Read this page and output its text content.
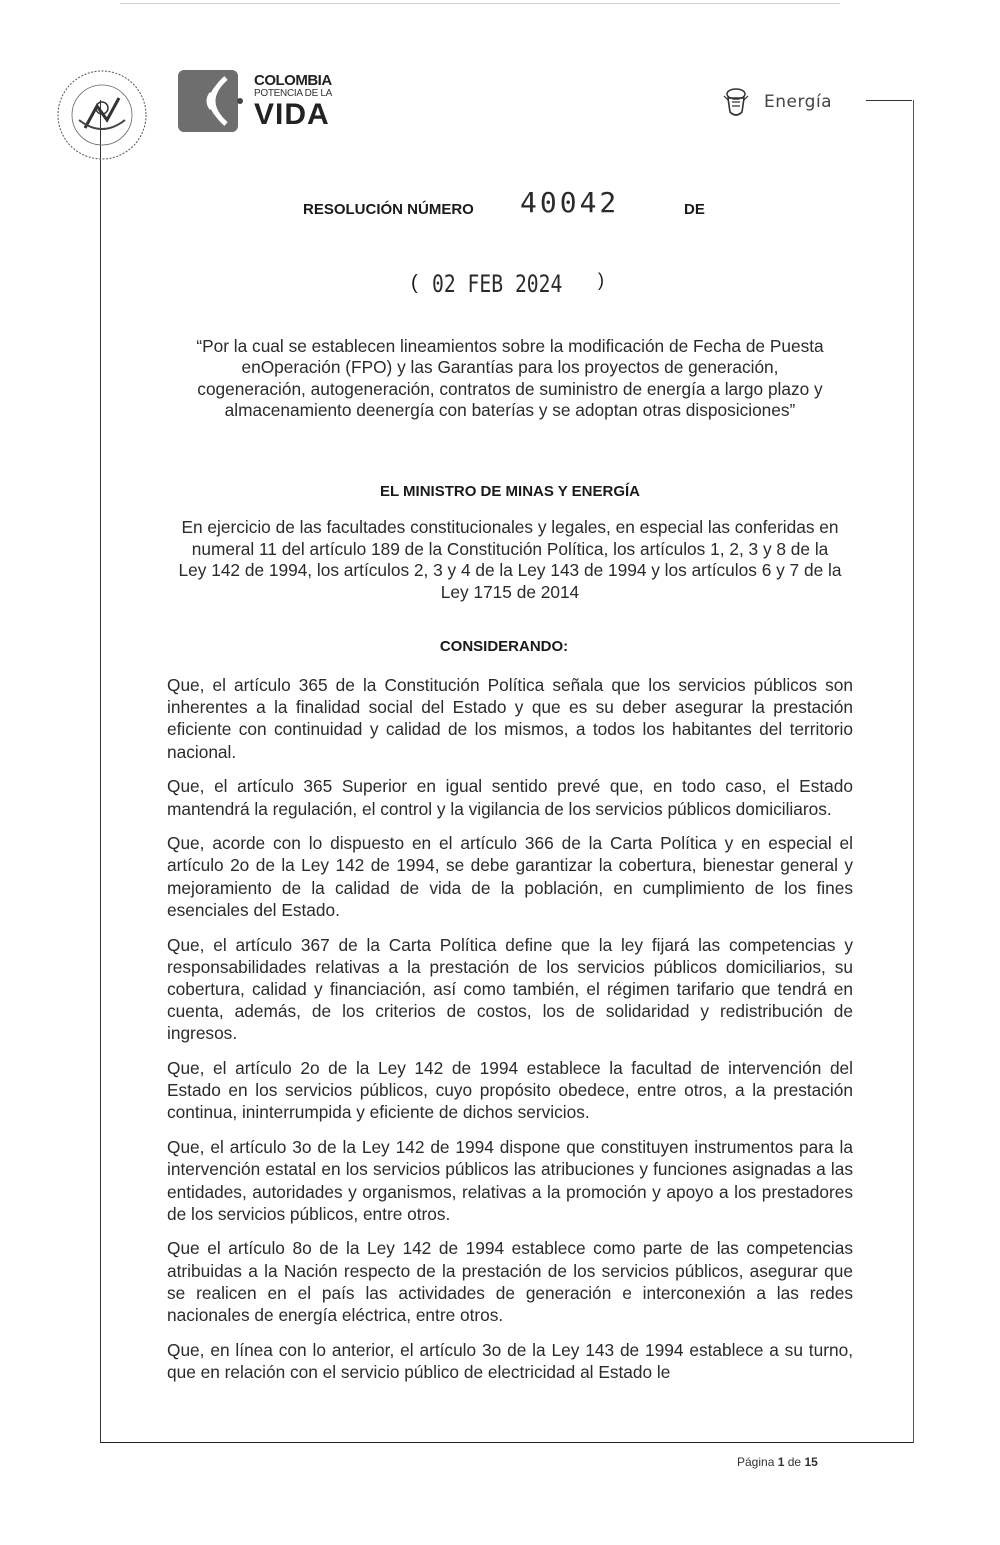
COLOMBIA
POTENCIA DE LA
VIDA	Energía
RESOLUCIÓN NÚMERO 40042	DE
( 02 FEB 2024 )
“Por la cual se establecen lineamientos sobre la modificación de Fecha de Puesta enOperación (FPO) y las Garantías para los proyectos de generación, cogeneración, autogeneración, contratos de suministro de energía a largo plazo y almacenamiento deenergía con baterías y se adoptan otras disposiciones”
EL MINISTRO DE MINAS Y ENERGÍA
En ejercicio de las facultades constitucionales y legales, en especial las conferidas en numeral 11 del artículo 189 de la Constitución Política, los artículos 1, 2, 3 y 8 de la Ley 142 de 1994, los artículos 2, 3 y 4 de la Ley 143 de 1994 y los artículos 6 y 7 de la Ley 1715 de 2014
CONSIDERANDO:

Que, el artículo 365 de la Constitución Política señala que los servicios públicos son inherentes a la finalidad social del Estado y que es su deber asegurar la prestación eficiente con continuidad y calidad de los mismos, a todos los habitantes del territorio nacional.

Que, el artículo 365 Superior en igual sentido prevé que, en todo caso, el Estado mantendrá la regulación, el control y la vigilancia de los servicios públicos domiciliaros.

Que, acorde con lo dispuesto en el artículo 366 de la Carta Política y en especial el artículo 2o de la Ley 142 de 1994, se debe garantizar la cobertura, bienestar general y mejoramiento de la calidad de vida de la población, en cumplimiento de los fines esenciales del Estado.

Que, el artículo 367 de la Carta Política define que la ley fijará las competencias y responsabilidades relativas a la prestación de los servicios públicos domiciliarios, su cobertura, calidad y financiación, así como también, el régimen tarifario que tendrá en cuenta, además, de los criterios de costos, los de solidaridad y redistribución de ingresos.

Que, el artículo 2o de la Ley 142 de 1994 establece la facultad de intervención del Estado en los servicios públicos, cuyo propósito obedece, entre otros, a la prestación continua, ininterrumpida y eficiente de dichos servicios.

Que, el artículo 3o de la Ley 142 de 1994 dispone que constituyen instrumentos para la intervención estatal en los servicios públicos las atribuciones y funciones asignadas a las entidades, autoridades y organismos, relativas a la promoción y apoyo a los prestadores de los servicios públicos, entre otros.

Que el artículo 8o de la Ley 142 de 1994 establece como parte de las competencias atribuidas a la Nación respecto de la prestación de los servicios públicos, asegurar que se realicen en el país las actividades de generación e interconexión a las redes nacionales de energía eléctrica, entre otros.

Que, en línea con lo anterior, el artículo 3o de la Ley 143 de 1994 establece a su turno, que en relación con el servicio público de electricidad al Estado le

Página 1 de 15
